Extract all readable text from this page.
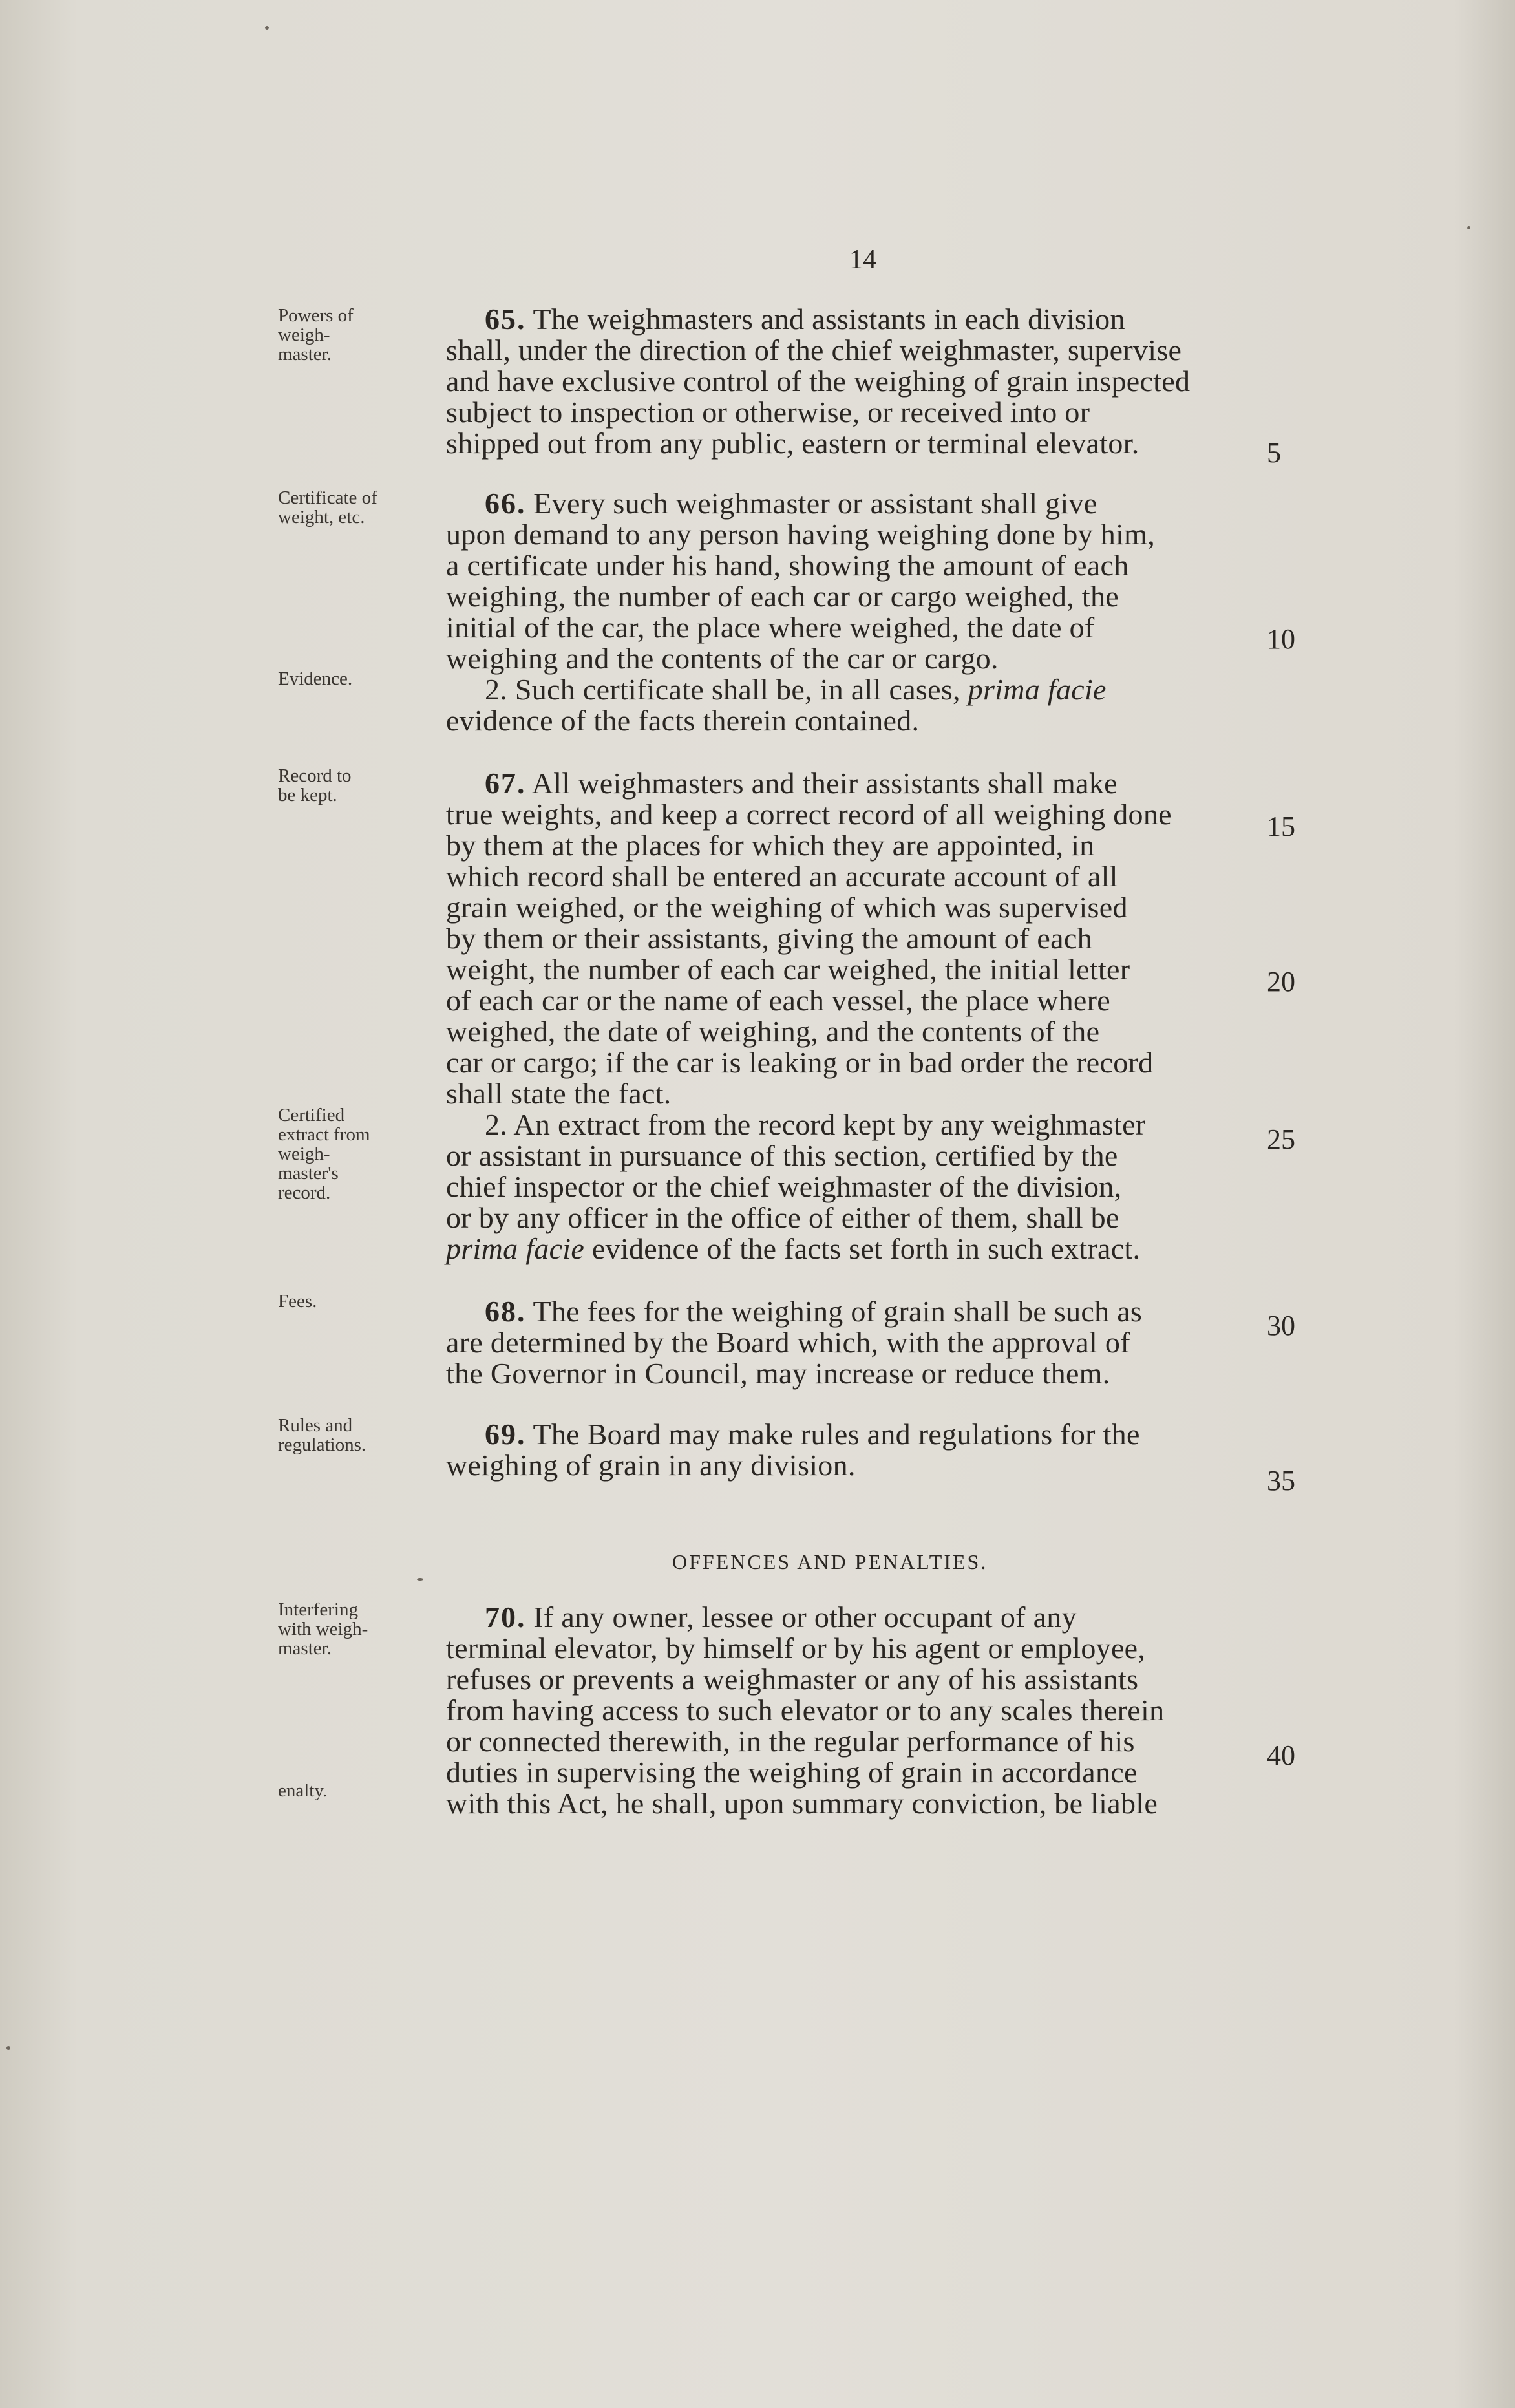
14
Powers of
weigh-
master.
65. The weighmasters and assistants in each division
shall, under the direction of the chief weighmaster, supervise
and have exclusive control of the weighing of grain inspected
subject to inspection or otherwise, or received into or
shipped out from any public, eastern or terminal elevator.
Certificate of
weight, etc.	66. Every such weighmaster or assistant shall give
upon demand to any person having weighing done by him,
a certificate under his hand, showing the amount of each
weighing, the number of each car or cargo weighed, the
initial of the car, the place where weighed, the date of
weighing and the contents of the car or cargo.
2. Such certificate shall be, in all cases, prima facie
evidence of the facts therein contained.
Evidence.
Record to
be kept.	67. All weighmasters and their assistants shall make
true weights, and keep a correct record of all weighing done
by them at the places for which they are appointed, in
which record shall be entered an accurate account of all
grain weighed, or the weighing of which was supervised
by them or their assistants, giving the amount of each
weight, the number of each car weighed, the initial letter
of each car or the name of each vessel, the place where
weighed, the date of weighing, and the contents of the
car or cargo; if the car is leaking or in bad order the record
shall state the fact.
2. An extract from the record kept by any weighmaster
or assistant in pursuance of this section, certified by the
chief inspector or the chief weighmaster of the division,
or by any officer in the office of either of them, shall be
prima facie evidence of the facts set forth in such extract.
Certified
extract from
weigh-
master's
record.
Fees.	68. The fees for the weighing of grain shall be such as
are determined by the Board which, with the approval of
the Governor in Council, may increase or reduce them.
Rules and
regulations.	69. The Board may make rules and regulations for the
weighing of grain in any division.
OFFENCES AND PENALTIES.
Interfering
with weigh-
master.
70. If any owner, lessee or other occupant of any
terminal elevator, by himself or by his agent or employee,
refuses or prevents a weighmaster or any of his assistants
from having access to such elevator or to any scales therein
or connected therewith, in the regular performance of his
duties in supervising the weighing of grain in accordance
with this Act, he shall, upon summary conviction, be liable
enalty.
5
10
15
20
25
30
35
40
